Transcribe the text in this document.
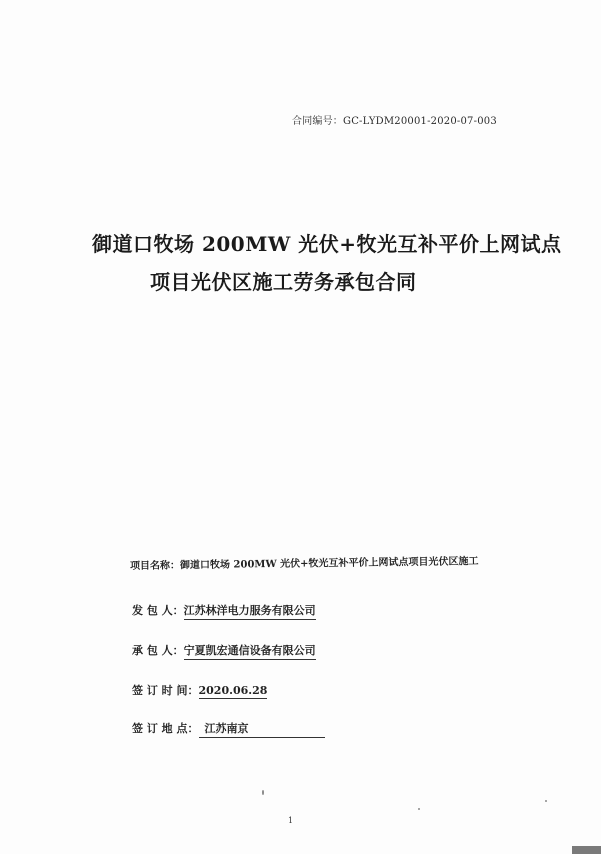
合同编号：GC-LYDM20001-2020-07-003
御道口牧场 200MW 光伏+牧光互补平价上网试点
项目光伏区施工劳务承包合同
项目名称：御道口牧场 200MW 光伏+牧光互补平价上网试点项目光伏区施工
发 包 人：江苏林洋电力服务有限公司
承 包 人：宁夏凯宏通信设备有限公司
签 订 时 间：2020.06.28
签 订 地 点： 江苏南京
1
